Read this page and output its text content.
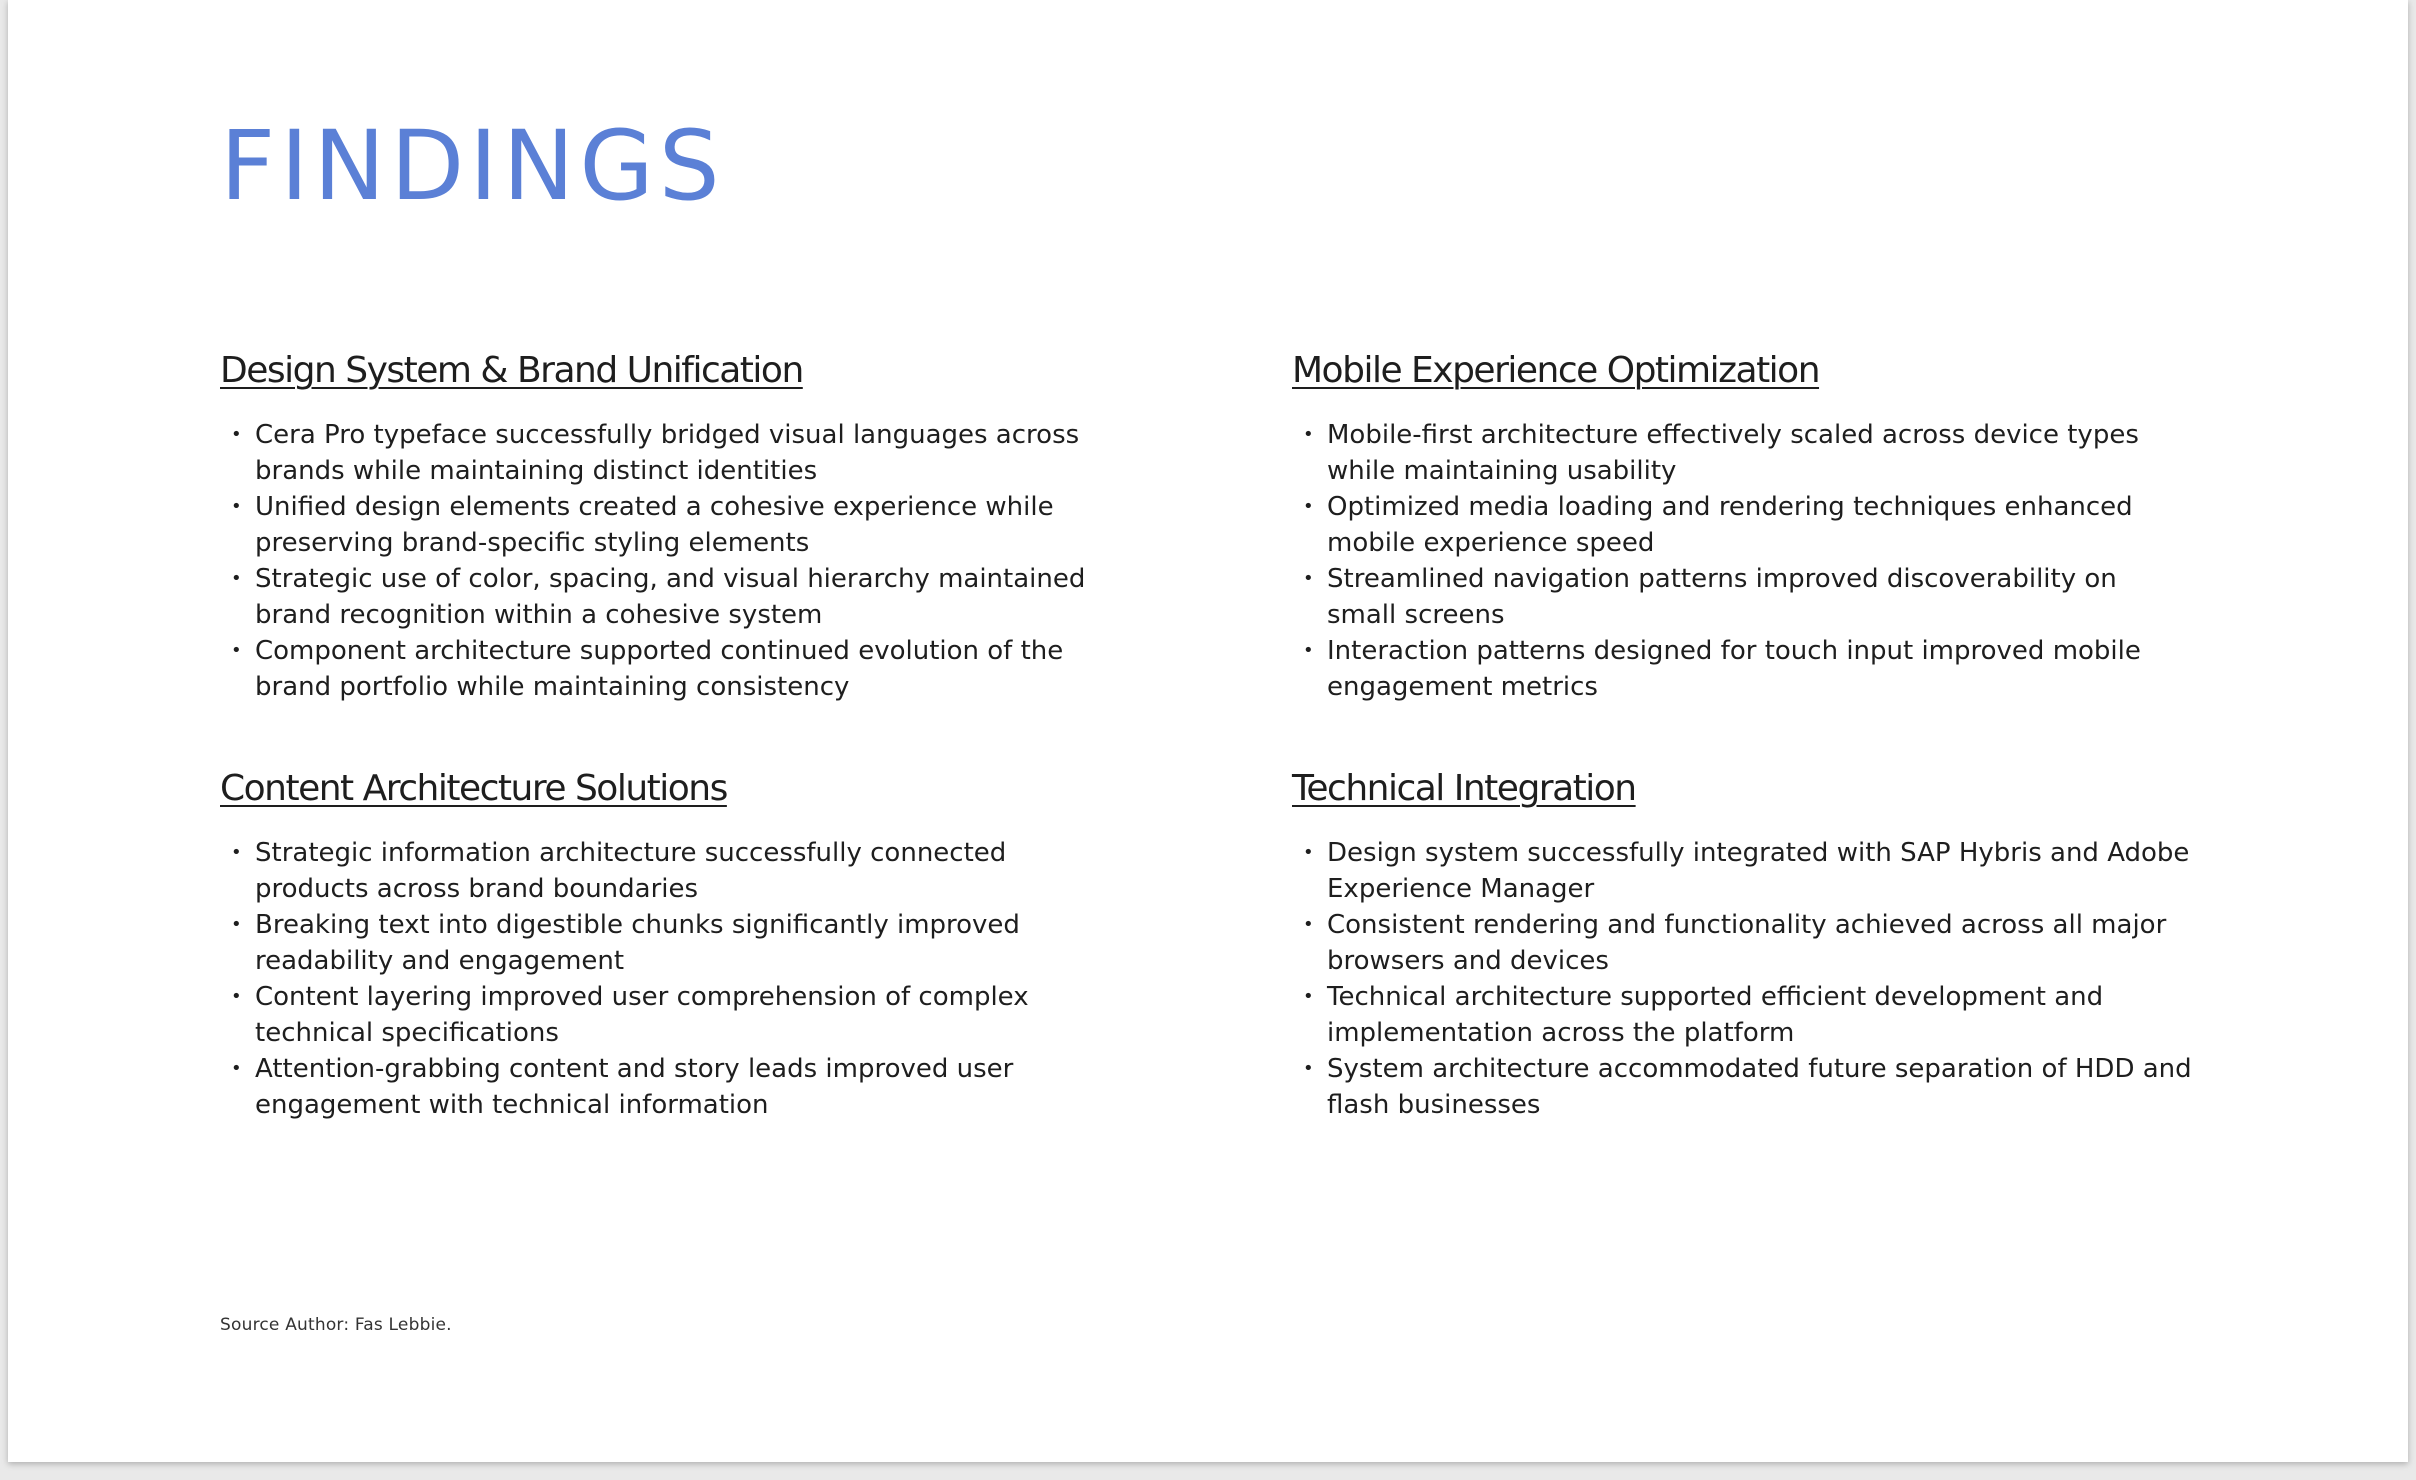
FINDINGS
Design System & Brand Unification
• Cera Pro typeface successfully bridged visual languages across brands while maintaining distinct identities
• Unified design elements created a cohesive experience while preserving brand-specific styling elements
• Strategic use of color, spacing, and visual hierarchy maintained brand recognition within a cohesive system
• Component architecture supported continued evolution of the brand portfolio while maintaining consistency
Mobile Experience Optimization
• Mobile-first architecture effectively scaled across device types while maintaining usability
• Optimized media loading and rendering techniques enhanced mobile experience speed
• Streamlined navigation patterns improved discoverability on small screens
• Interaction patterns designed for touch input improved mobile engagement metrics
Content Architecture Solutions
• Strategic information architecture successfully connected products across brand boundaries
• Breaking text into digestible chunks significantly improved readability and engagement
• Content layering improved user comprehension of complex technical specifications
• Attention-grabbing content and story leads improved user engagement with technical information
Technical Integration
• Design system successfully integrated with SAP Hybris and Adobe Experience Manager
• Consistent rendering and functionality achieved across all major browsers and devices
• Technical architecture supported efficient development and implementation across the platform
• System architecture accommodated future separation of HDD and flash businesses
Source Author: Fas Lebbie.
